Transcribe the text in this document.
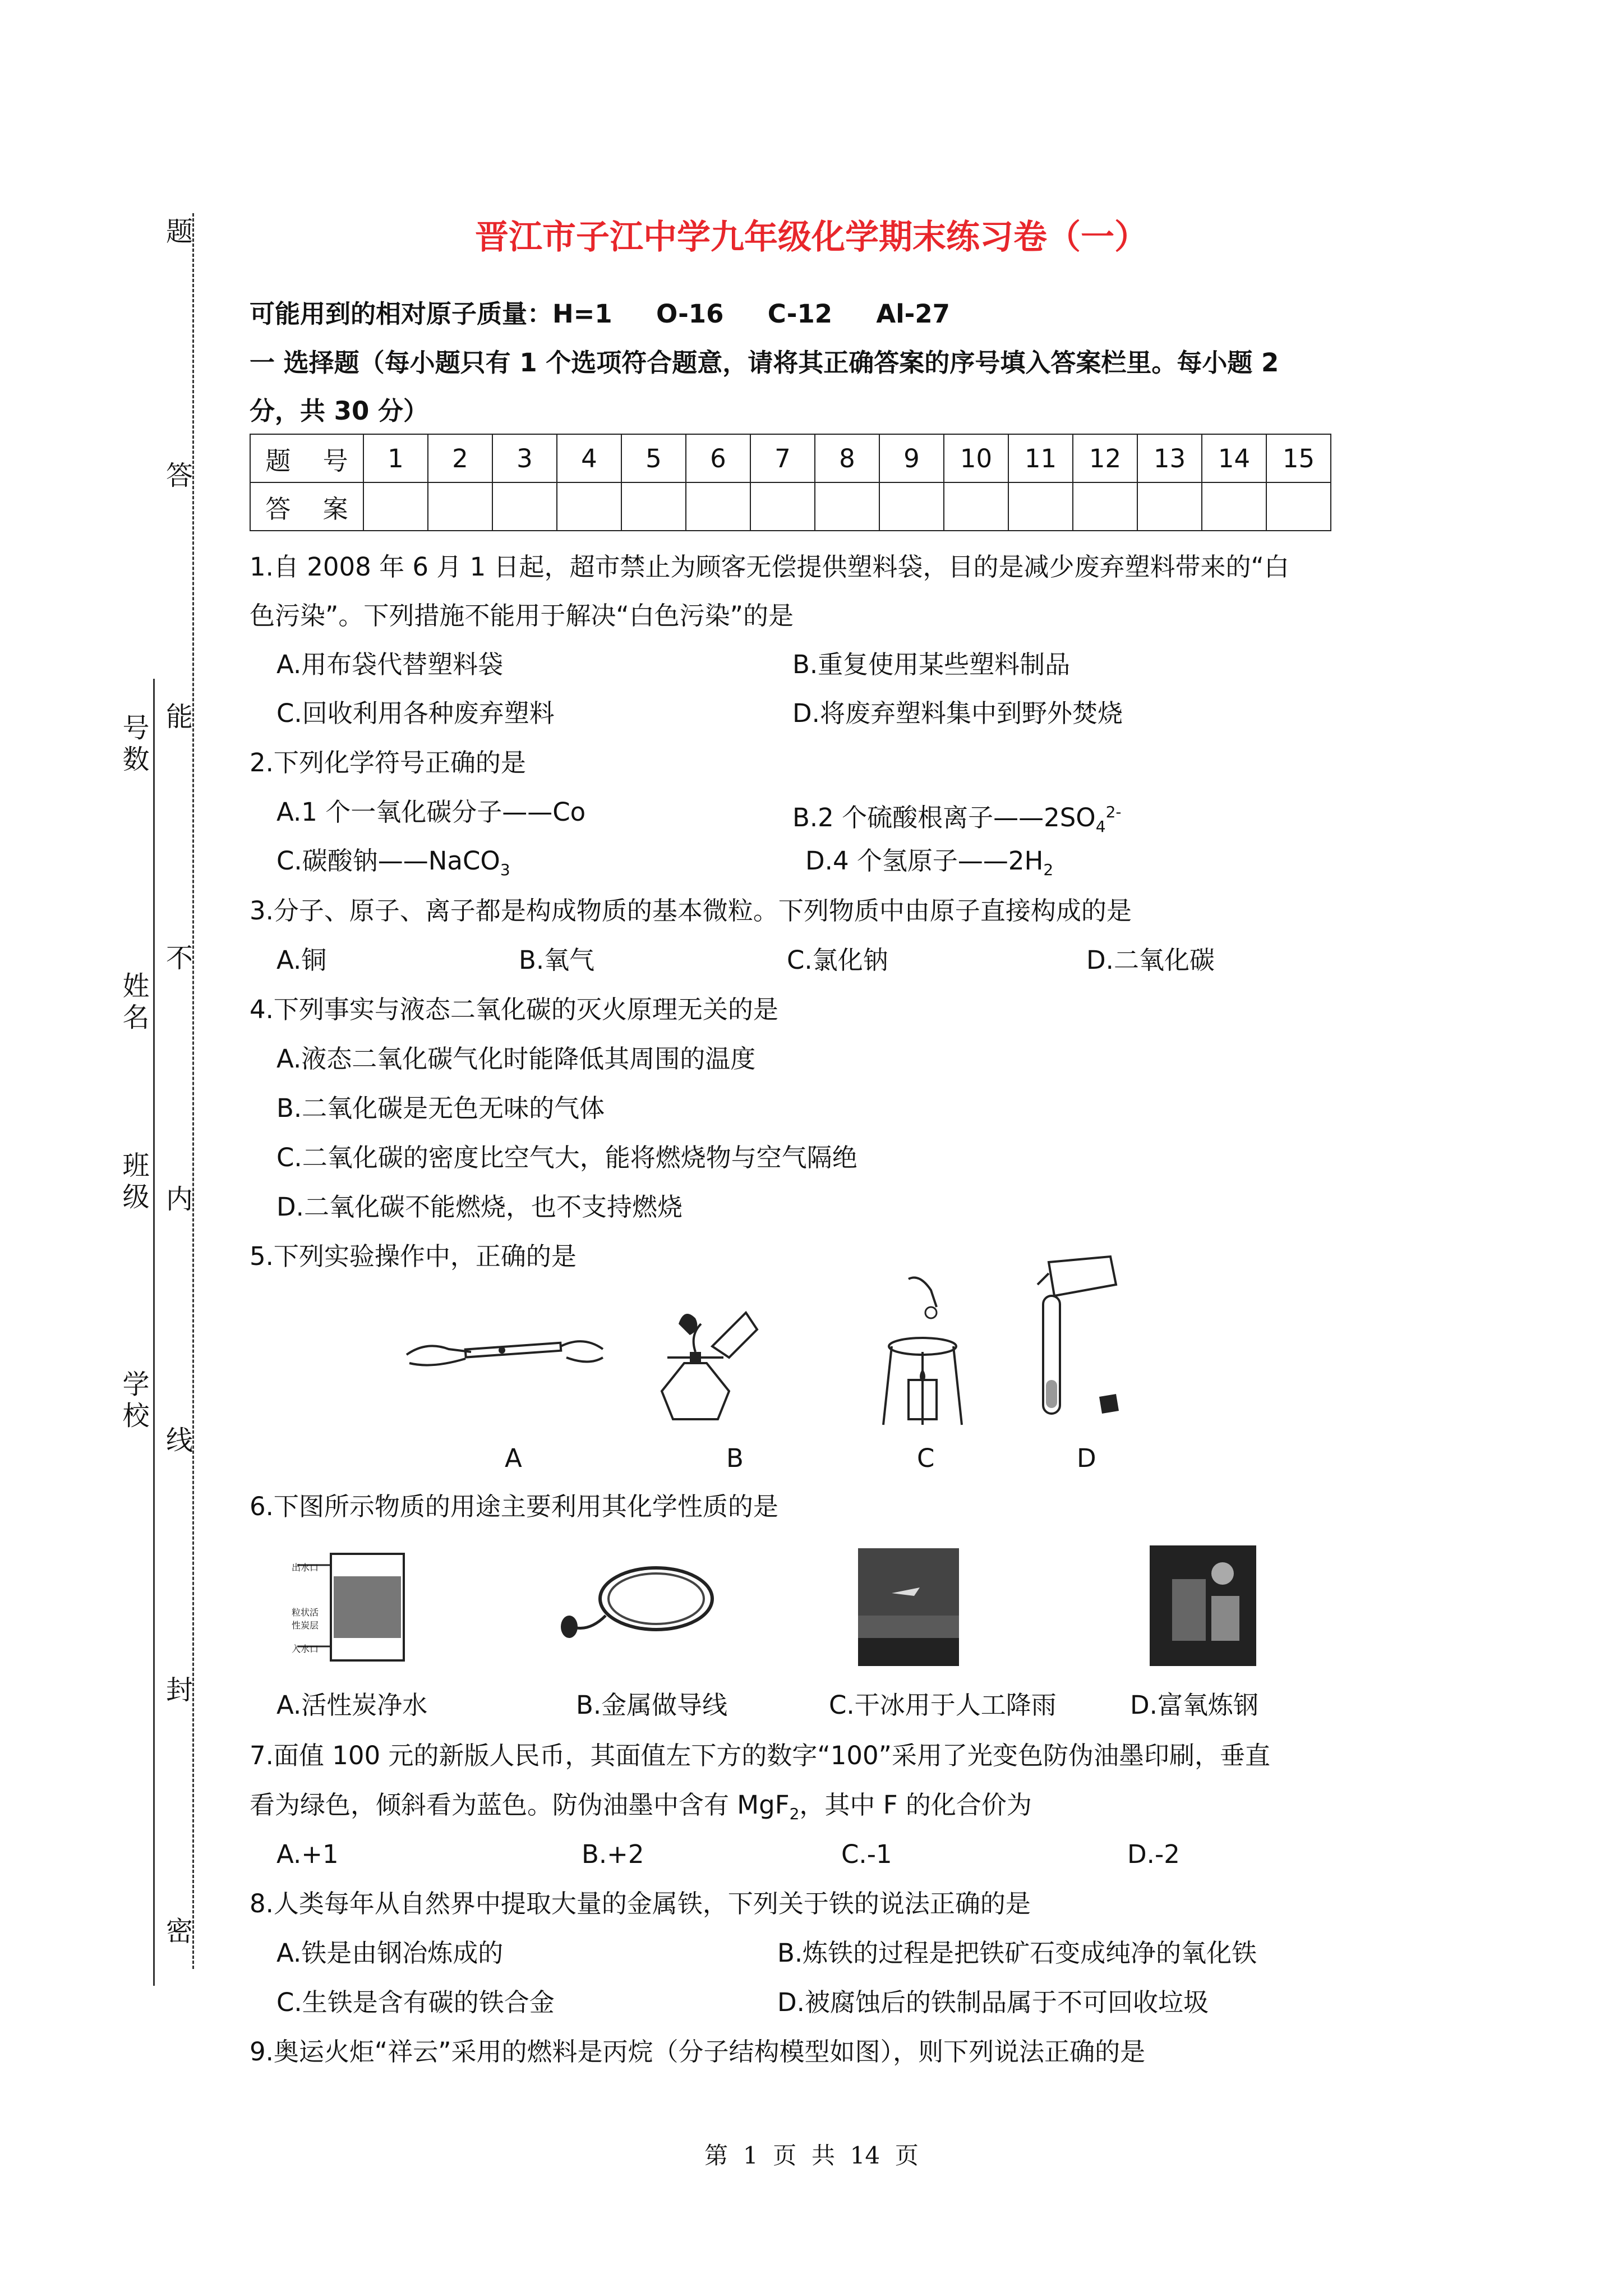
题
答
能
不
内
线
封
密
学校
班级
姓名
号数
晋江市子江中学九年级化学期末练习卷（一）
可能用到的相对原子质量：H=1     O-16     C-12     Al-27
一 选择题（每小题只有 1 个选项符合题意，请将其正确答案的序号填入答案栏里。每小题 2
分，共 30 分）
题    号	1	2	3	4	5	6	7	8	9	10	11	12	13	14	15
答    案															
1.自 2008 年 6 月 1 日起，超市禁止为顾客无偿提供塑料袋，目的是减少废弃塑料带来的“白
色污染”。下列措施不能用于解决“白色污染”的是
A.用布袋代替塑料袋	B.重复使用某些塑料制品
C.回收利用各种废弃塑料	D.将废弃塑料集中到野外焚烧
2.下列化学符号正确的是
A.1 个一氧化碳分子——Co	B.2 个硫酸根离子$——2SO_4^{2-}$
C.碳酸钠——NaCO$_3$	D.4 个氢原子$——2H_2$
3.分子、原子、离子都是构成物质的基本微粒。下列物质中由原子直接构成的是
A.铜	B.氧气	C.氯化钠	D.二氧化碳
4.下列事实与液态二氧化碳的灭火原理无关的是
A.液态二氧化碳气化时能降低其周围的温度
B.二氧化碳是无色无味的气体
C.二氧化碳的密度比空气大，能将燃烧物与空气隔绝
D.二氧化碳不能燃烧，也不支持燃烧
5.下列实验操作中，正确的是
A	B	C	D
6.下图所示物质的用途主要利用其化学性质的是
出水口
粒状活性炭层
入水口
A.活性炭净水	B.金属做导线	C.干冰用于人工降雨	D.富氧炼钢
7.面值 100 元的新版人民币，其面值左下方的数字“100”采用了光变色防伪油墨印刷，垂直
看为绿色，倾斜看为蓝色。防伪油墨中含有 MgF$_2$，其中 F 的化合价为
A.+1	B.+2	C.-1	D.-2
8.人类每年从自然界中提取大量的金属铁，下列关于铁的说法正确的是
A.铁是由钢冶炼成的	B.炼铁的过程是把铁矿石变成纯净的氧化铁
C.生铁是含有碳的铁合金	D.被腐蚀后的铁制品属于不可回收垃圾
9.奥运火炬“祥云”采用的燃料是丙烷（分子结构模型如图），则下列说法正确的是
第  1  页  共  14  页
